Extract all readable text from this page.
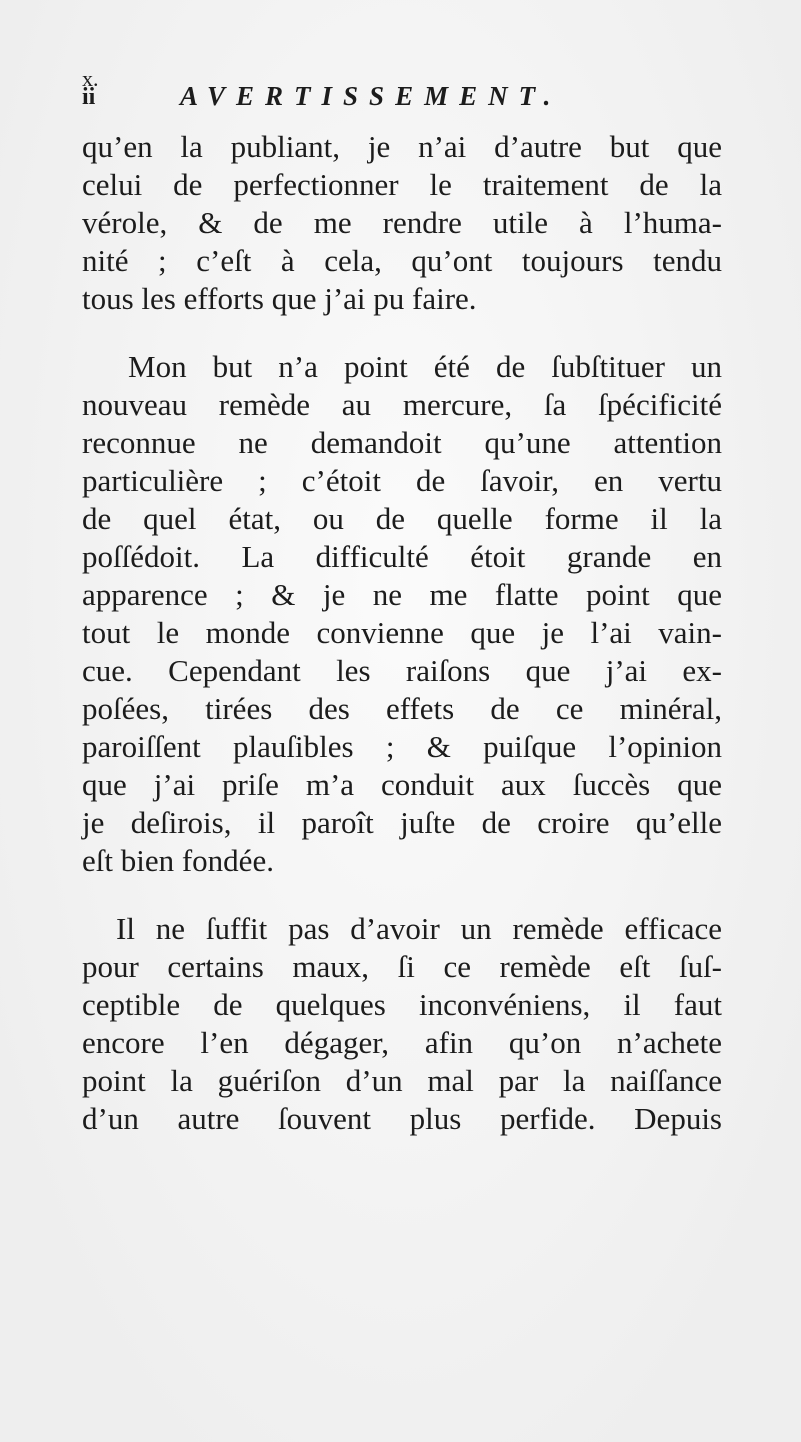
x.
ii	AVERTISSEMENT.
qu’en la publiant, je n’ai d’autre but que
celui de perfectionner le traitement de la
vérole, & de me rendre utile à l’huma-
nité ; c’eſt à cela, qu’ont toujours tendu
tous les efforts que j’ai pu faire.
Mon but n’a point été de ſubſtituer un
nouveau remède au mercure, ſa ſpécificité
reconnue ne demandoit qu’une attention
particulière ; c’étoit de ſavoir, en vertu
de quel état, ou de quelle forme il la
poſſédoit. La difficulté étoit grande en
apparence ; & je ne me flatte point que
tout le monde convienne que je l’ai vain-
cue. Cependant les raiſons que j’ai ex-
poſées, tirées des effets de ce minéral,
paroiſſent plauſibles ; & puiſque l’opinion
que j’ai priſe m’a conduit aux ſuccès que
je deſirois, il paroît juſte de croire qu’elle
eſt bien fondée.
Il ne ſuffit pas d’avoir un remède efficace
pour certains maux, ſi ce remède eſt ſuſ-
ceptible de quelques inconvéniens, il faut
encore l’en dégager, afin qu’on n’achete
point la guériſon d’un mal par la naiſſance
d’un autre ſouvent plus perfide. Depuis
